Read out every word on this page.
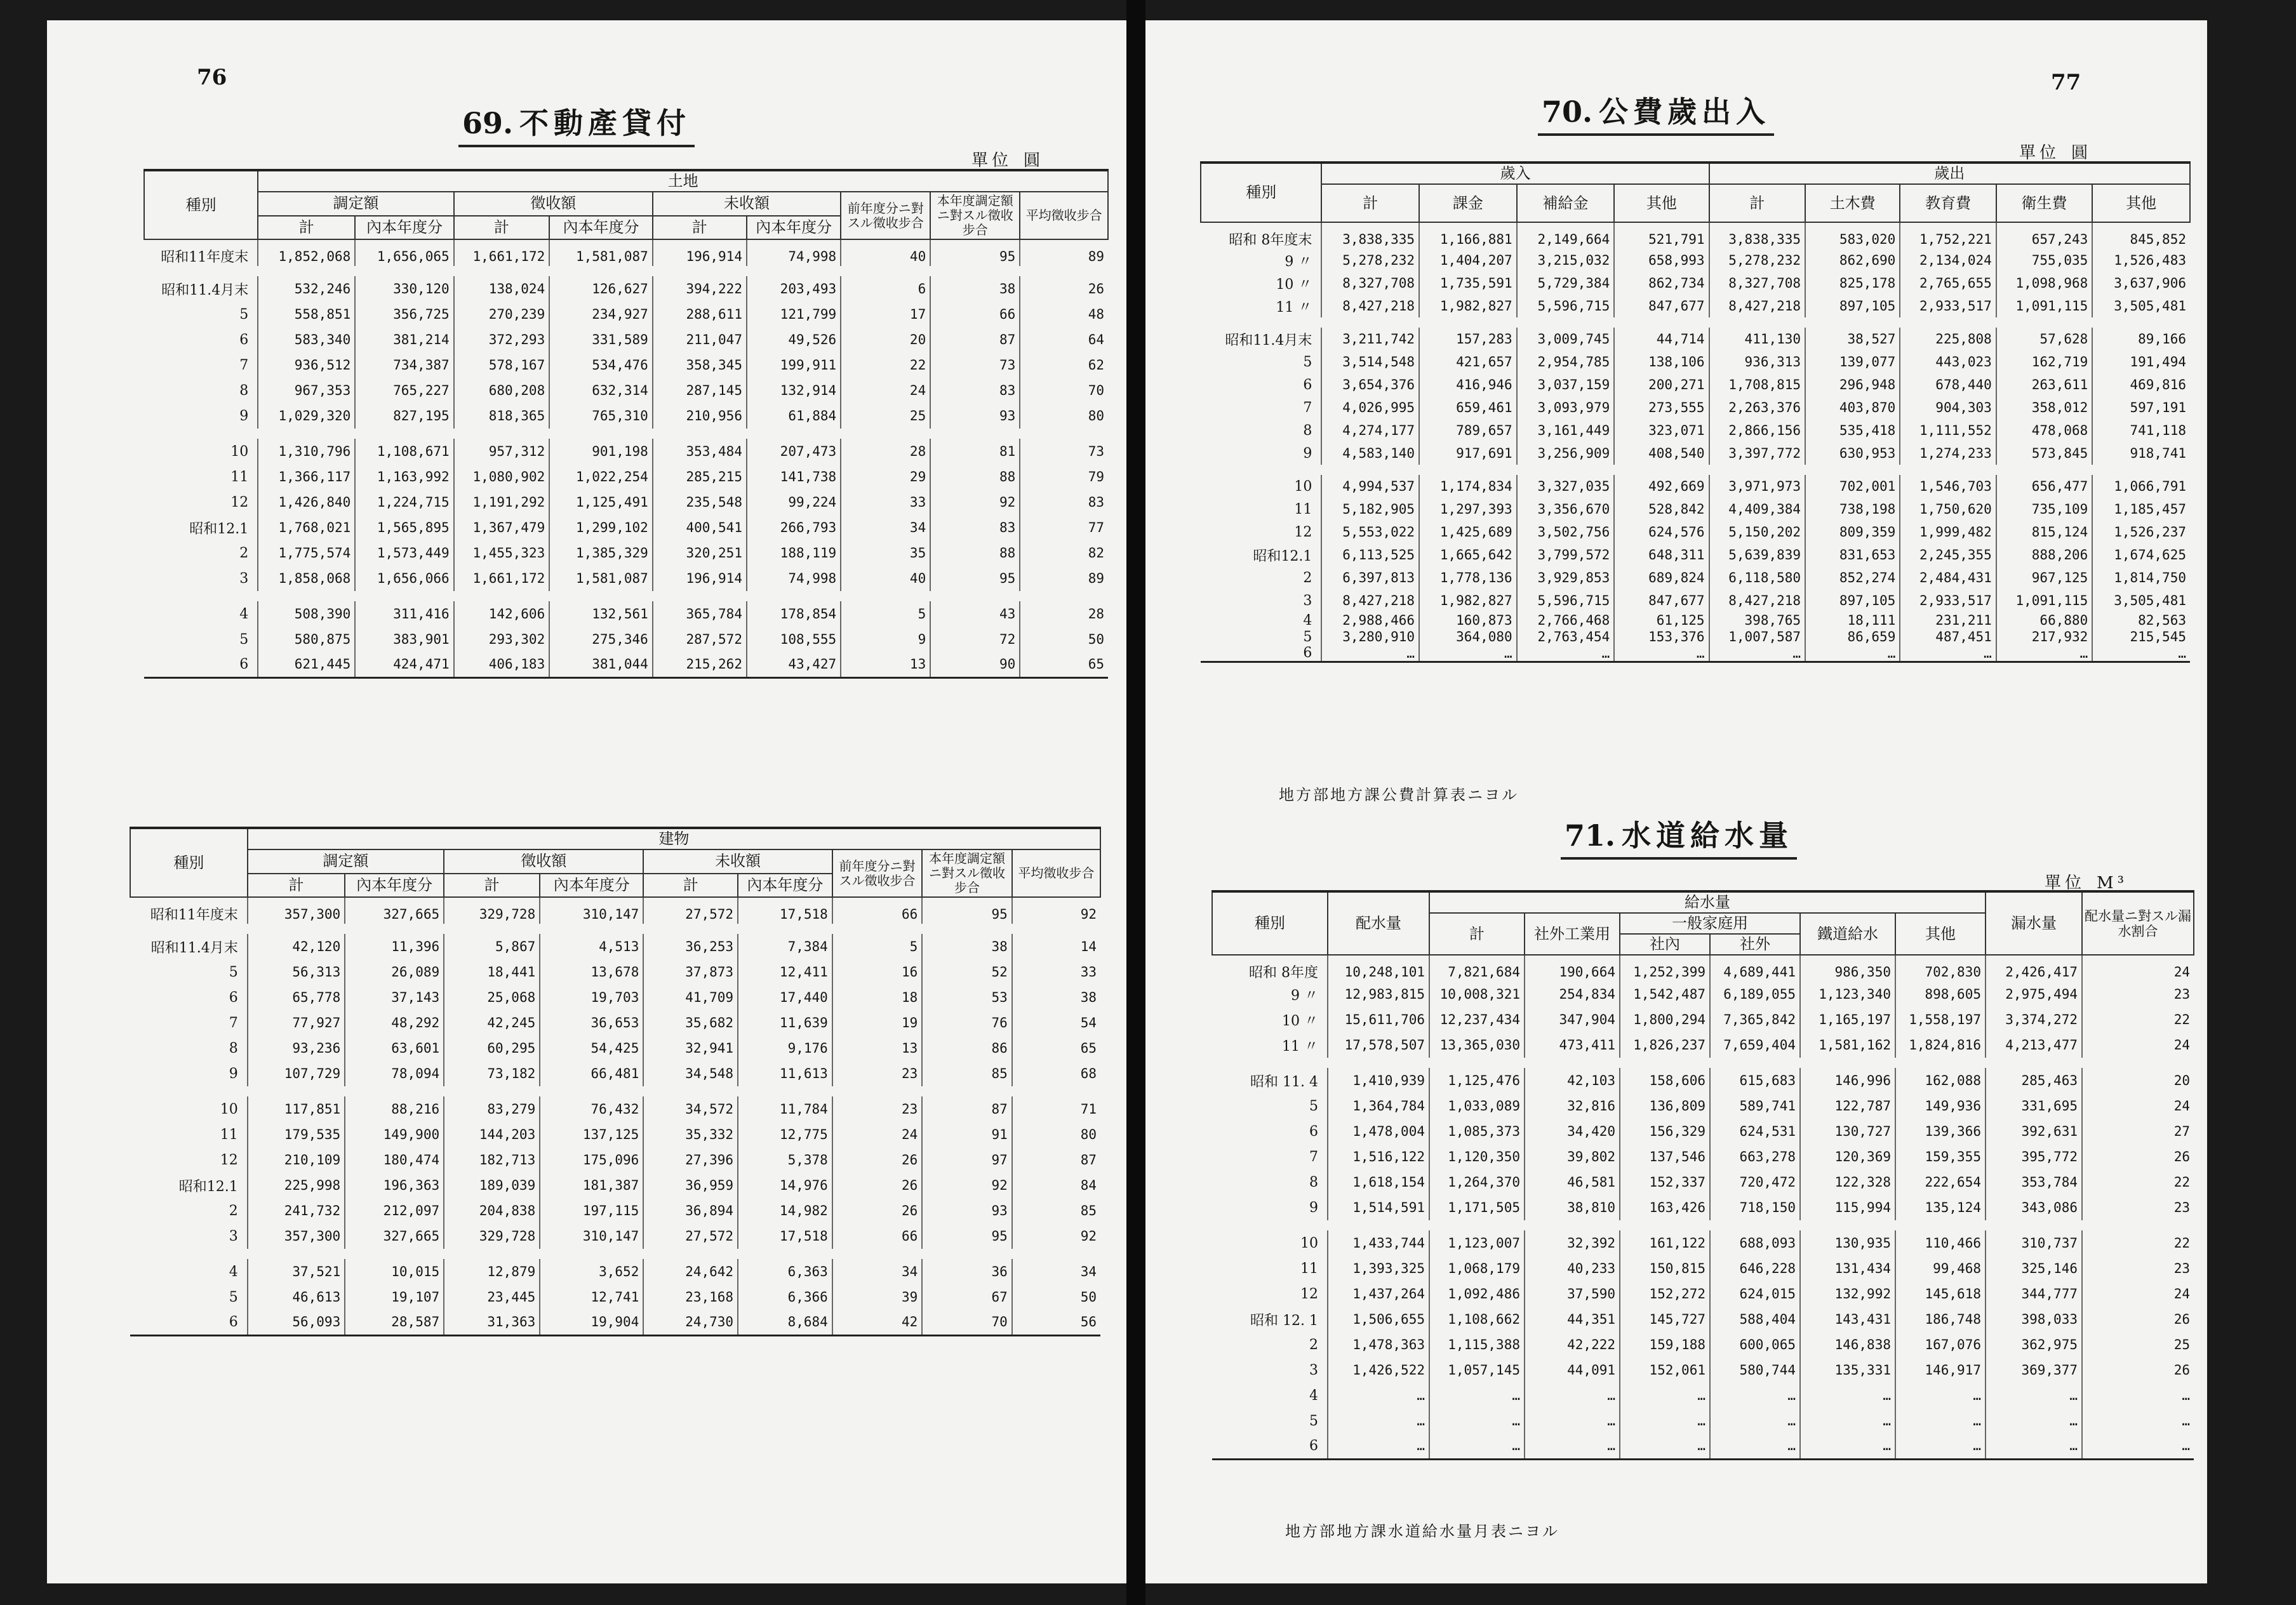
76
69. 不動產貸付
單位 圓
種別	土地								
	調定額		徵收額		未收額		前年度分ニ對スル徵收步合	本年度調定額ニ對スル徵收步合	平均徵收步合
	計	內本年度分	計	內本年度分	計	內本年度分			
昭和11年度末	1,852,068	1,656,065	1,661,172	1,581,087	196,914	74,998	40	95	89

昭和11.4月末	532,246	330,120	138,024	126,627	394,222	203,493	6	38	26
5	558,851	356,725	270,239	234,927	288,611	121,799	17	66	48
6	583,340	381,214	372,293	331,589	211,047	49,526	20	87	64
7	936,512	734,387	578,167	534,476	358,345	199,911	22	73	62
8	967,353	765,227	680,208	632,314	287,145	132,914	24	83	70
9	1,029,320	827,195	818,365	765,310	210,956	61,884	25	93	80

10	1,310,796	1,108,671	957,312	901,198	353,484	207,473	28	81	73
11	1,366,117	1,163,992	1,080,902	1,022,254	285,215	141,738	29	88	79
12	1,426,840	1,224,715	1,191,292	1,125,491	235,548	99,224	33	92	83
昭和12.1	1,768,021	1,565,895	1,367,479	1,299,102	400,541	266,793	34	83	77
2	1,775,574	1,573,449	1,455,323	1,385,329	320,251	188,119	35	88	82
3	1,858,068	1,656,066	1,661,172	1,581,087	196,914	74,998	40	95	89

4	508,390	311,416	142,606	132,561	365,784	178,854	5	43	28
5	580,875	383,901	293,302	275,346	287,572	108,555	9	72	50
6	621,445	424,471	406,183	381,044	215,262	43,427	13	90	65
種別	建物								
	調定額		徵收額		未收額		前年度分ニ對スル徵收步合	本年度調定額ニ對スル徵收步合	平均徵收步合
	計	內本年度分	計	內本年度分	計	內本年度分			
昭和11年度末	357,300	327,665	329,728	310,147	27,572	17,518	66	95	92

昭和11.4月末	42,120	11,396	5,867	4,513	36,253	7,384	5	38	14
5	56,313	26,089	18,441	13,678	37,873	12,411	16	52	33
6	65,778	37,143	25,068	19,703	41,709	17,440	18	53	38
7	77,927	48,292	42,245	36,653	35,682	11,639	19	76	54
8	93,236	63,601	60,295	54,425	32,941	9,176	13	86	65
9	107,729	78,094	73,182	66,481	34,548	11,613	23	85	68

10	117,851	88,216	83,279	76,432	34,572	11,784	23	87	71
11	179,535	149,900	144,203	137,125	35,332	12,775	24	91	80
12	210,109	180,474	182,713	175,096	27,396	5,378	26	97	87
昭和12.1	225,998	196,363	189,039	181,387	36,959	14,976	26	92	84
2	241,732	212,097	204,838	197,115	36,894	14,982	26	93	85
3	357,300	327,665	329,728	310,147	27,572	17,518	66	95	92

4	37,521	10,015	12,879	3,652	24,642	6,363	34	36	34
5	46,613	19,107	23,445	12,741	23,168	6,366	39	67	50
6	56,093	28,587	31,363	19,904	24,730	8,684	42	70	56
77
70. 公費歲出入
單位 圓
種別	歲入				歲出				
	計	課金	補給金	其他	計	土木費	教育費	衛生費	其他
昭和 8年度末	3,838,335	1,166,881	2,149,664	521,791	3,838,335	583,020	1,752,221	657,243	845,852
9 〃	5,278,232	1,404,207	3,215,032	658,993	5,278,232	862,690	2,134,024	755,035	1,526,483
10 〃	8,327,708	1,735,591	5,729,384	862,734	8,327,708	825,178	2,765,655	1,098,968	3,637,906
11 〃	8,427,218	1,982,827	5,596,715	847,677	8,427,218	897,105	2,933,517	1,091,115	3,505,481

昭和11.4月末	3,211,742	157,283	3,009,745	44,714	411,130	38,527	225,808	57,628	89,166
5	3,514,548	421,657	2,954,785	138,106	936,313	139,077	443,023	162,719	191,494
6	3,654,376	416,946	3,037,159	200,271	1,708,815	296,948	678,440	263,611	469,816
7	4,026,995	659,461	3,093,979	273,555	2,263,376	403,870	904,303	358,012	597,191
8	4,274,177	789,657	3,161,449	323,071	2,866,156	535,418	1,111,552	478,068	741,118
9	4,583,140	917,691	3,256,909	408,540	3,397,772	630,953	1,274,233	573,845	918,741

10	4,994,537	1,174,834	3,327,035	492,669	3,971,973	702,001	1,546,703	656,477	1,066,791
11	5,182,905	1,297,393	3,356,670	528,842	4,409,384	738,198	1,750,620	735,109	1,185,457
12	5,553,022	1,425,689	3,502,756	624,576	5,150,202	809,359	1,999,482	815,124	1,526,237
昭和12.1	6,113,525	1,665,642	3,799,572	648,311	5,639,839	831,653	2,245,355	888,206	1,674,625
2	6,397,813	1,778,136	3,929,853	689,824	6,118,580	852,274	2,484,431	967,125	1,814,750
3	8,427,218	1,982,827	5,596,715	847,677	8,427,218	897,105	2,933,517	1,091,115	3,505,481
4	2,988,466	160,873	2,766,468	61,125	398,765	18,111	231,211	66,880	82,563
5	3,280,910	364,080	2,763,454	153,376	1,007,587	86,659	487,451	217,932	215,545
6	…	…	…	…	…	…	…	…	…
地方部地方課公費計算表ニヨル
71. 水道給水量
單位 M³
種別	配水量	給水量						漏水量	配水量ニ對スル漏水割合
		計	社外工業用	一般家庭用		鐵道給水	其他		
				社內	社外				
昭和 8年度	10,248,101	7,821,684	190,664	1,252,399	4,689,441	986,350	702,830	2,426,417	24
9 〃	12,983,815	10,008,321	254,834	1,542,487	6,189,055	1,123,340	898,605	2,975,494	23
10 〃	15,611,706	12,237,434	347,904	1,800,294	7,365,842	1,165,197	1,558,197	3,374,272	22
11 〃	17,578,507	13,365,030	473,411	1,826,237	7,659,404	1,581,162	1,824,816	4,213,477	24

昭和 11. 4	1,410,939	1,125,476	42,103	158,606	615,683	146,996	162,088	285,463	20
5	1,364,784	1,033,089	32,816	136,809	589,741	122,787	149,936	331,695	24
6	1,478,004	1,085,373	34,420	156,329	624,531	130,727	139,366	392,631	27
7	1,516,122	1,120,350	39,802	137,546	663,278	120,369	159,355	395,772	26
8	1,618,154	1,264,370	46,581	152,337	720,472	122,328	222,654	353,784	22
9	1,514,591	1,171,505	38,810	163,426	718,150	115,994	135,124	343,086	23

10	1,433,744	1,123,007	32,392	161,122	688,093	130,935	110,466	310,737	22
11	1,393,325	1,068,179	40,233	150,815	646,228	131,434	99,468	325,146	23
12	1,437,264	1,092,486	37,590	152,272	624,015	132,992	145,618	344,777	24
昭和 12. 1	1,506,655	1,108,662	44,351	145,727	588,404	143,431	186,748	398,033	26
2	1,478,363	1,115,388	42,222	159,188	600,065	146,838	167,076	362,975	25
3	1,426,522	1,057,145	44,091	152,061	580,744	135,331	146,917	369,377	26
4	…	…	…	…	…	…	…	…	…
5	…	…	…	…	…	…	…	…	…
6	…	…	…	…	…	…	…	…	…
地方部地方課水道給水量月表ニヨル
